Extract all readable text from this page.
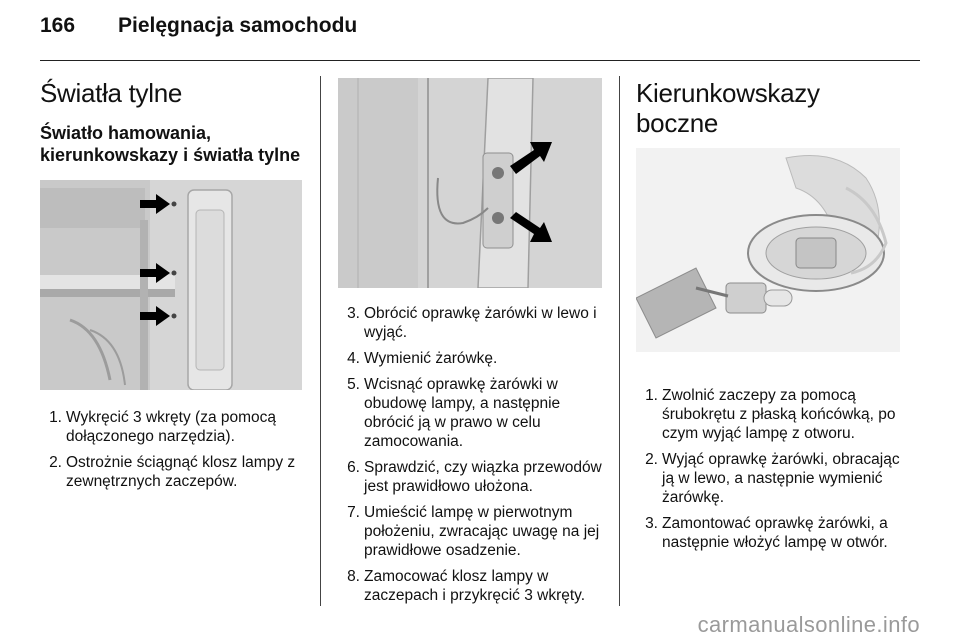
166 Pielęgnacja samochodu
Światła tylne
Światło hamowania,
kierunkowskazy i światła tylne
1. Wykręcić 3 wkręty (za pomocą dołączonego narzędzia).
2. Ostrożnie ściągnąć klosz lampy z zewnętrznych zaczepów.
3. Obrócić oprawkę żarówki w lewo i wyjąć.
4. Wymienić żarówkę.
5. Wcisnąć oprawkę żarówki w obudowę lampy, a następnie obrócić ją w prawo w celu zamocowania.
6. Sprawdzić, czy wiązka przewodów jest prawidłowo ułożona.
7. Umieścić lampę w pierwotnym położeniu, zwracając uwagę na jej prawidłowe osadzenie.
8. Zamocować klosz lampy w zaczepach i przykręcić 3 wkręty.
Kierunkowskazy boczne
1. Zwolnić zaczepy za pomocą śrubokrętu z płaską końcówką, po czym wyjąć lampę z otworu.
2. Wyjąć oprawkę żarówki, obracając ją w lewo, a następnie wymienić żarówkę.
3. Zamontować oprawkę żarówki, a następnie włożyć lampę w otwór.
carmanualsonline.info
